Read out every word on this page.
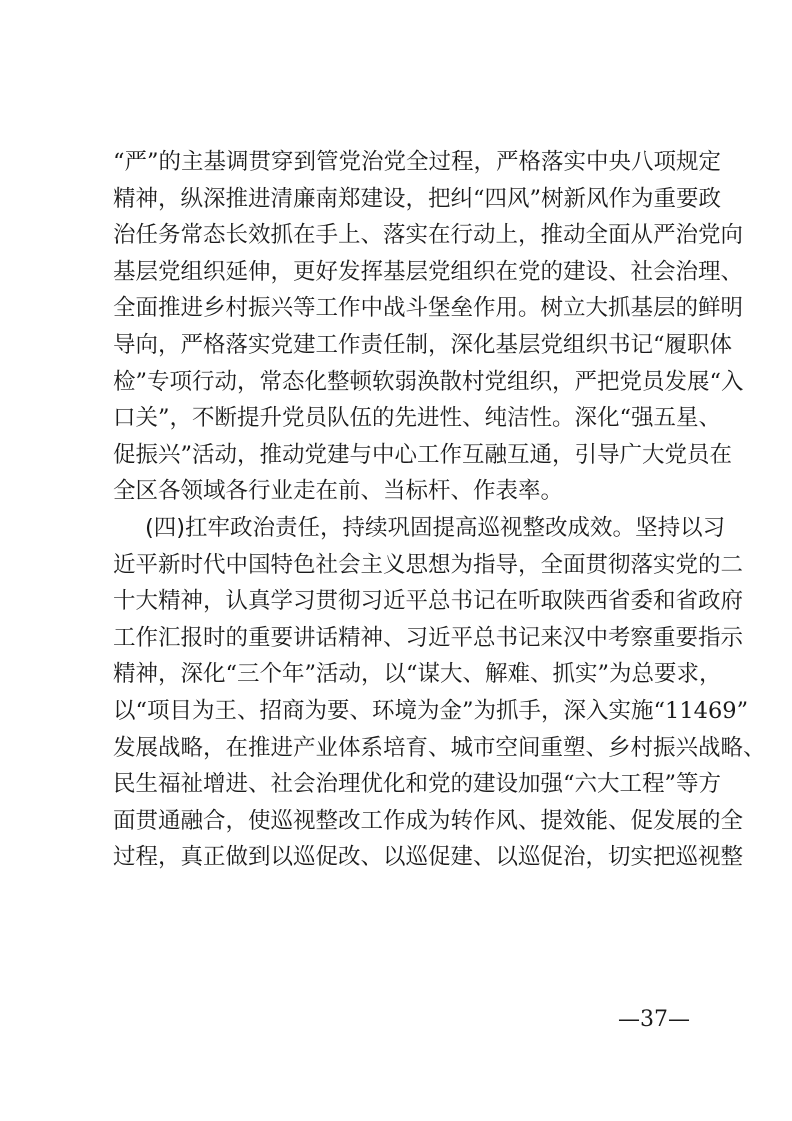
“严”的主基调贯穿到管党治党全过程，严格落实中央八项规定
精神，纵深推进清廉南郑建设，把纠“四风”树新风作为重要政
治任务常态长效抓在手上、落实在行动上，推动全面从严治党向
基层党组织延伸，更好发挥基层党组织在党的建设、社会治理、
全面推进乡村振兴等工作中战斗堡垒作用。树立大抓基层的鲜明
导向，严格落实党建工作责任制，深化基层党组织书记“履职体
检”专项行动，常态化整顿软弱涣散村党组织，严把党员发展“入
口关”，不断提升党员队伍的先进性、纯洁性。深化“强五星、
促振兴”活动，推动党建与中心工作互融互通，引导广大党员在
全区各领域各行业走在前、当标杆、作表率。
(四)扛牢政治责任，持续巩固提高巡视整改成效。坚持以习
近平新时代中国特色社会主义思想为指导，全面贯彻落实党的二
十大精神，认真学习贯彻习近平总书记在听取陕西省委和省政府
工作汇报时的重要讲话精神、习近平总书记来汉中考察重要指示
精神，深化“三个年”活动，以“谋大、解难、抓实”为总要求，
以“项目为王、招商为要、环境为金”为抓手，深入实施“11469”
发展战略，在推进产业体系培育、城市空间重塑、乡村振兴战略、
民生福祉增进、社会治理优化和党的建设加强“六大工程”等方
面贯通融合，使巡视整改工作成为转作风、提效能、促发展的全
过程，真正做到以巡促改、以巡促建、以巡促治，切实把巡视整
—37—
